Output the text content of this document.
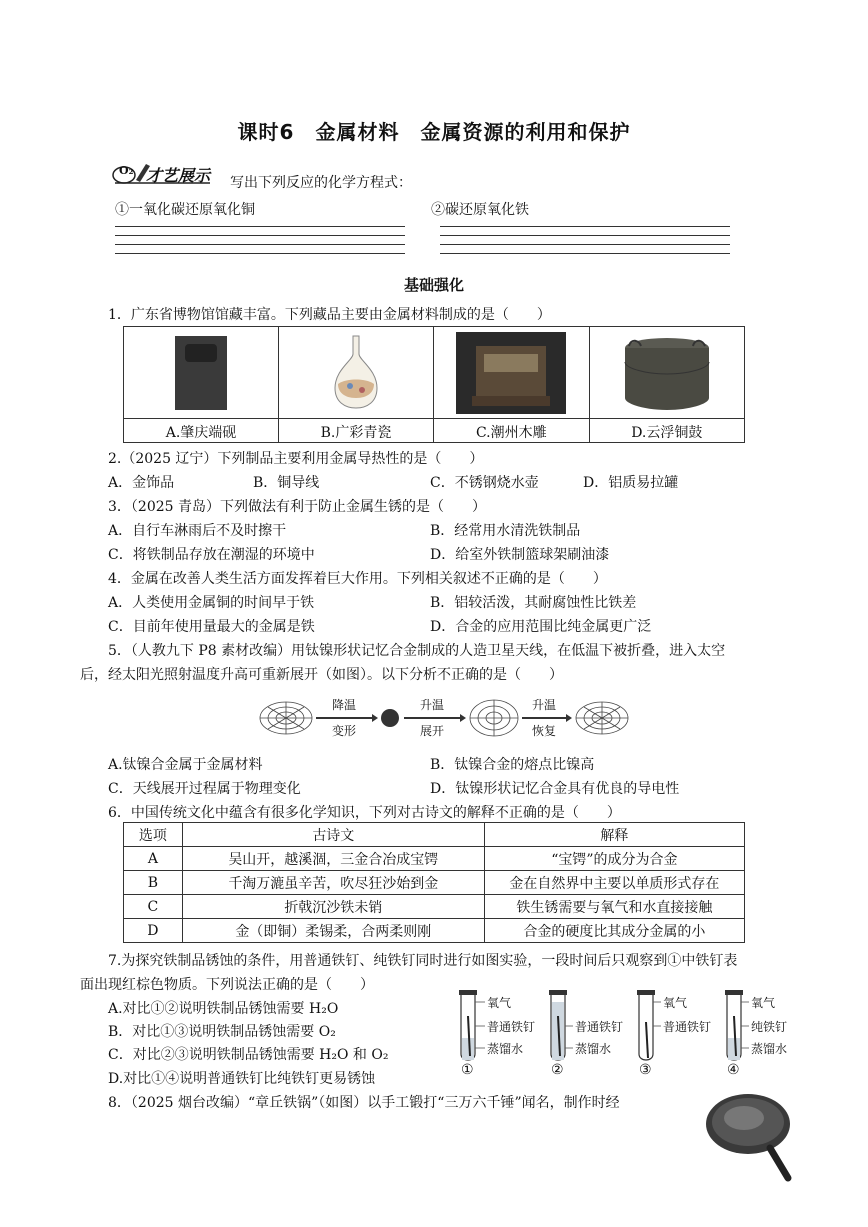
课时6　金属材料　金属资源的利用和保护
O₂ 才艺展示 写出下列反应的化学方程式：
①一氧化碳还原氧化铜	②碳还原氧化铁
基础强化
1．广东省博物馆馆藏丰富。下列藏品主要由金属材料制成的是（　　）

A.肇庆端砚	B.广彩青瓷	C.潮州木雕	D.云浮铜鼓
2.（2025 辽宁）下列制品主要利用金属导热性的是（　　）
A．金饰品	B．铜导线	C．不锈钢烧水壶	D．铝质易拉罐
3．（2025 青岛）下列做法有利于防止金属生锈的是（　　）
A．自行车淋雨后不及时擦干	B．经常用水清洗铁制品
C．将铁制品存放在潮湿的环境中	D．给室外铁制篮球架刷油漆
4．金属在改善人类生活方面发挥着巨大作用。下列相关叙述不正确的是（　　）
A．人类使用金属铜的时间早于铁	B．铝较活泼，其耐腐蚀性比铁差
C．目前年使用量最大的金属是铁	D．合金的应用范围比纯金属更广泛
5．（人教九下 P8 素材改编）用钛镍形状记忆合金制成的人造卫星天线，在低温下被折叠，进入太空
后，经太阳光照射温度升高可重新展开（如图）。以下分析不正确的是（　　）
降温
变形
升温
展开
升温
恢复
A.钛镍合金属于金属材料	B．钛镍合金的熔点比镍高
C．天线展开过程属于物理变化	D．钛镍形状记忆合金具有优良的导电性
6．中国传统文化中蕴含有很多化学知识，下列对古诗文的解释不正确的是（　　）
选项	古诗文	解释
A	吴山开，越溪涸，三金合冶成宝锷	“宝锷”的成分为合金
B	千淘万漉虽辛苦，吹尽狂沙始到金	金在自然界中主要以单质形式存在
C	折戟沉沙铁未销	铁生锈需要与氧气和水直接接触
D	金（即铜）柔锡柔，合两柔则刚	合金的硬度比其成分金属的小
7.为探究铁制品锈蚀的条件，用普通铁钉、纯铁钉同时进行如图实验，一段时间后只观察到①中铁钉表
面出现红棕色物质。下列说法正确的是（　　）
A.对比①②说明铁制品锈蚀需要 H₂O
B．对比①③说明铁制品锈蚀需要 O₂
C．对比②③说明铁制品锈蚀需要 H₂O 和 O₂
D.对比①④说明普通铁钉比纯铁钉更易锈蚀
氧气
普通铁钉
蒸馏水
普通铁钉
蒸馏水
氧气
普通铁钉
氧气
纯铁钉
蒸馏水
①	②	③	④
8．（2025 烟台改编）“章丘铁锅”（如图）以手工锻打“三万六千锤”闻名，制作时经
